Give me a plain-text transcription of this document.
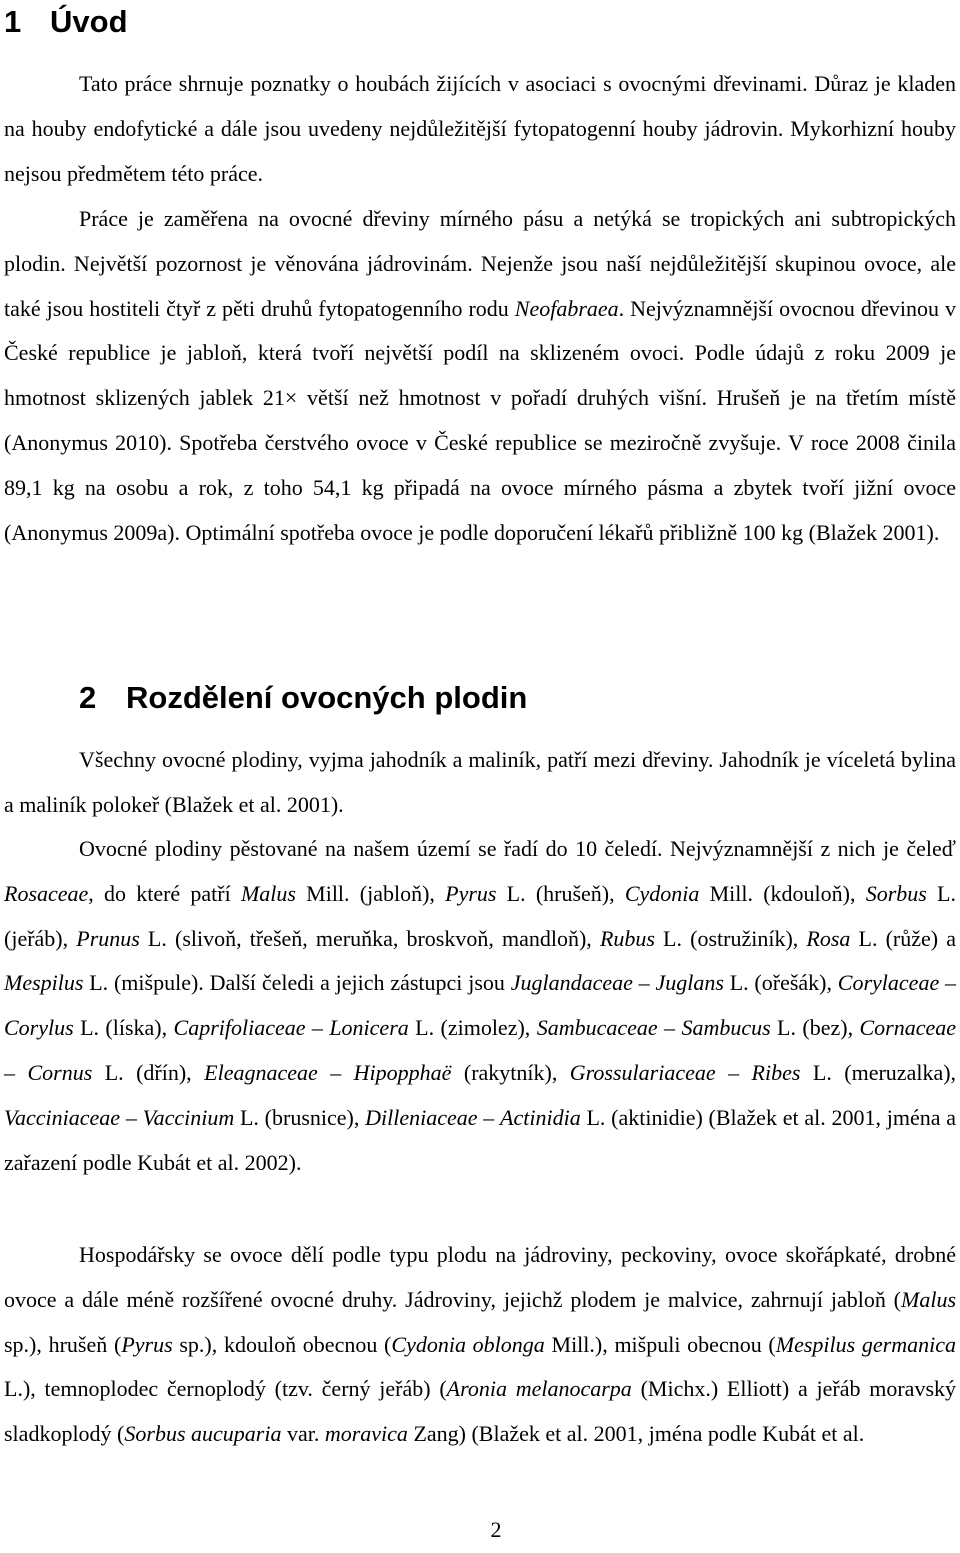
1 Úvod

Tato práce shrnuje poznatky o houbách žijících v asociaci s ovocnými dřevinami. Důraz je kladen na houby endofytické a dále jsou uvedeny nejdůležitější fytopatogenní houby jádrovin. Mykorhizní houby nejsou předmětem této práce.

Práce je zaměřena na ovocné dřeviny mírného pásu a netýká se tropických ani subtropických plodin. Největší pozornost je věnována jádrovinám. Nejenže jsou naší nejdůležitější skupinou ovoce, ale také jsou hostiteli čtyř z pěti druhů fytopatogenního rodu Neofabraea. Nejvýznamnější ovocnou dřevinou v České republice je jabloň, která tvoří největší podíl na sklizeném ovoci. Podle údajů z roku 2009 je hmotnost sklizených jablek 21× větší než hmotnost v pořadí druhých višní. Hrušeň je na třetím místě (Anonymus 2010). Spotřeba čerstvého ovoce v České republice se meziročně zvyšuje. V roce 2008 činila 89,1 kg na osobu a rok, z toho 54,1 kg připadá na ovoce mírného pásma a zbytek tvoří jižní ovoce (Anonymus 2009a). Optimální spotřeba ovoce je podle doporučení lékařů přibližně 100 kg (Blažek 2001).

2 Rozdělení ovocných plodin

Všechny ovocné plodiny, vyjma jahodník a maliník, patří mezi dřeviny. Jahodník je víceletá bylina a maliník polokeř (Blažek et al. 2001).

Ovocné plodiny pěstované na našem území se řadí do 10 čeledí. Nejvýznamnější z nich je čeleď Rosaceae, do které patří Malus Mill. (jabloň), Pyrus L. (hrušeň), Cydonia Mill. (kdouloň), Sorbus L. (jeřáb), Prunus L. (slivoň, třešeň, meruňka, broskvoň, mandloň), Rubus L. (ostružiník), Rosa L. (růže) a Mespilus L. (mišpule). Další čeledi a jejich zástupci jsou Juglandaceae – Juglans L. (ořešák), Corylaceae – Corylus L. (líska), Caprifoliaceae – Lonicera L. (zimolez), Sambucaceae – Sambucus L. (bez), Cornaceae – Cornus L. (dřín), Eleagnaceae – Hipopphaë (rakytník), Grossulariaceae – Ribes L. (meruzalka), Vacciniaceae – Vaccinium L. (brusnice), Dilleniaceae – Actinidia L. (aktinidie) (Blažek et al. 2001, jména a zařazení podle Kubát et al. 2002).

Hospodářsky se ovoce dělí podle typu plodu na jádroviny, peckoviny, ovoce skořápkaté, drobné ovoce a dále méně rozšířené ovocné druhy. Jádroviny, jejichž plodem je malvice, zahrnují jabloň (Malus sp.), hrušeň (Pyrus sp.), kdouloň obecnou (Cydonia oblonga Mill.), mišpuli obecnou (Mespilus germanica L.), temnoplodec černoplodý (tzv. černý jeřáb) (Aronia melanocarpa (Michx.) Elliott) a jeřáb moravský sladkoplodý (Sorbus aucuparia var. moravica Zang) (Blažek et al. 2001, jména podle Kubát et al.

2
